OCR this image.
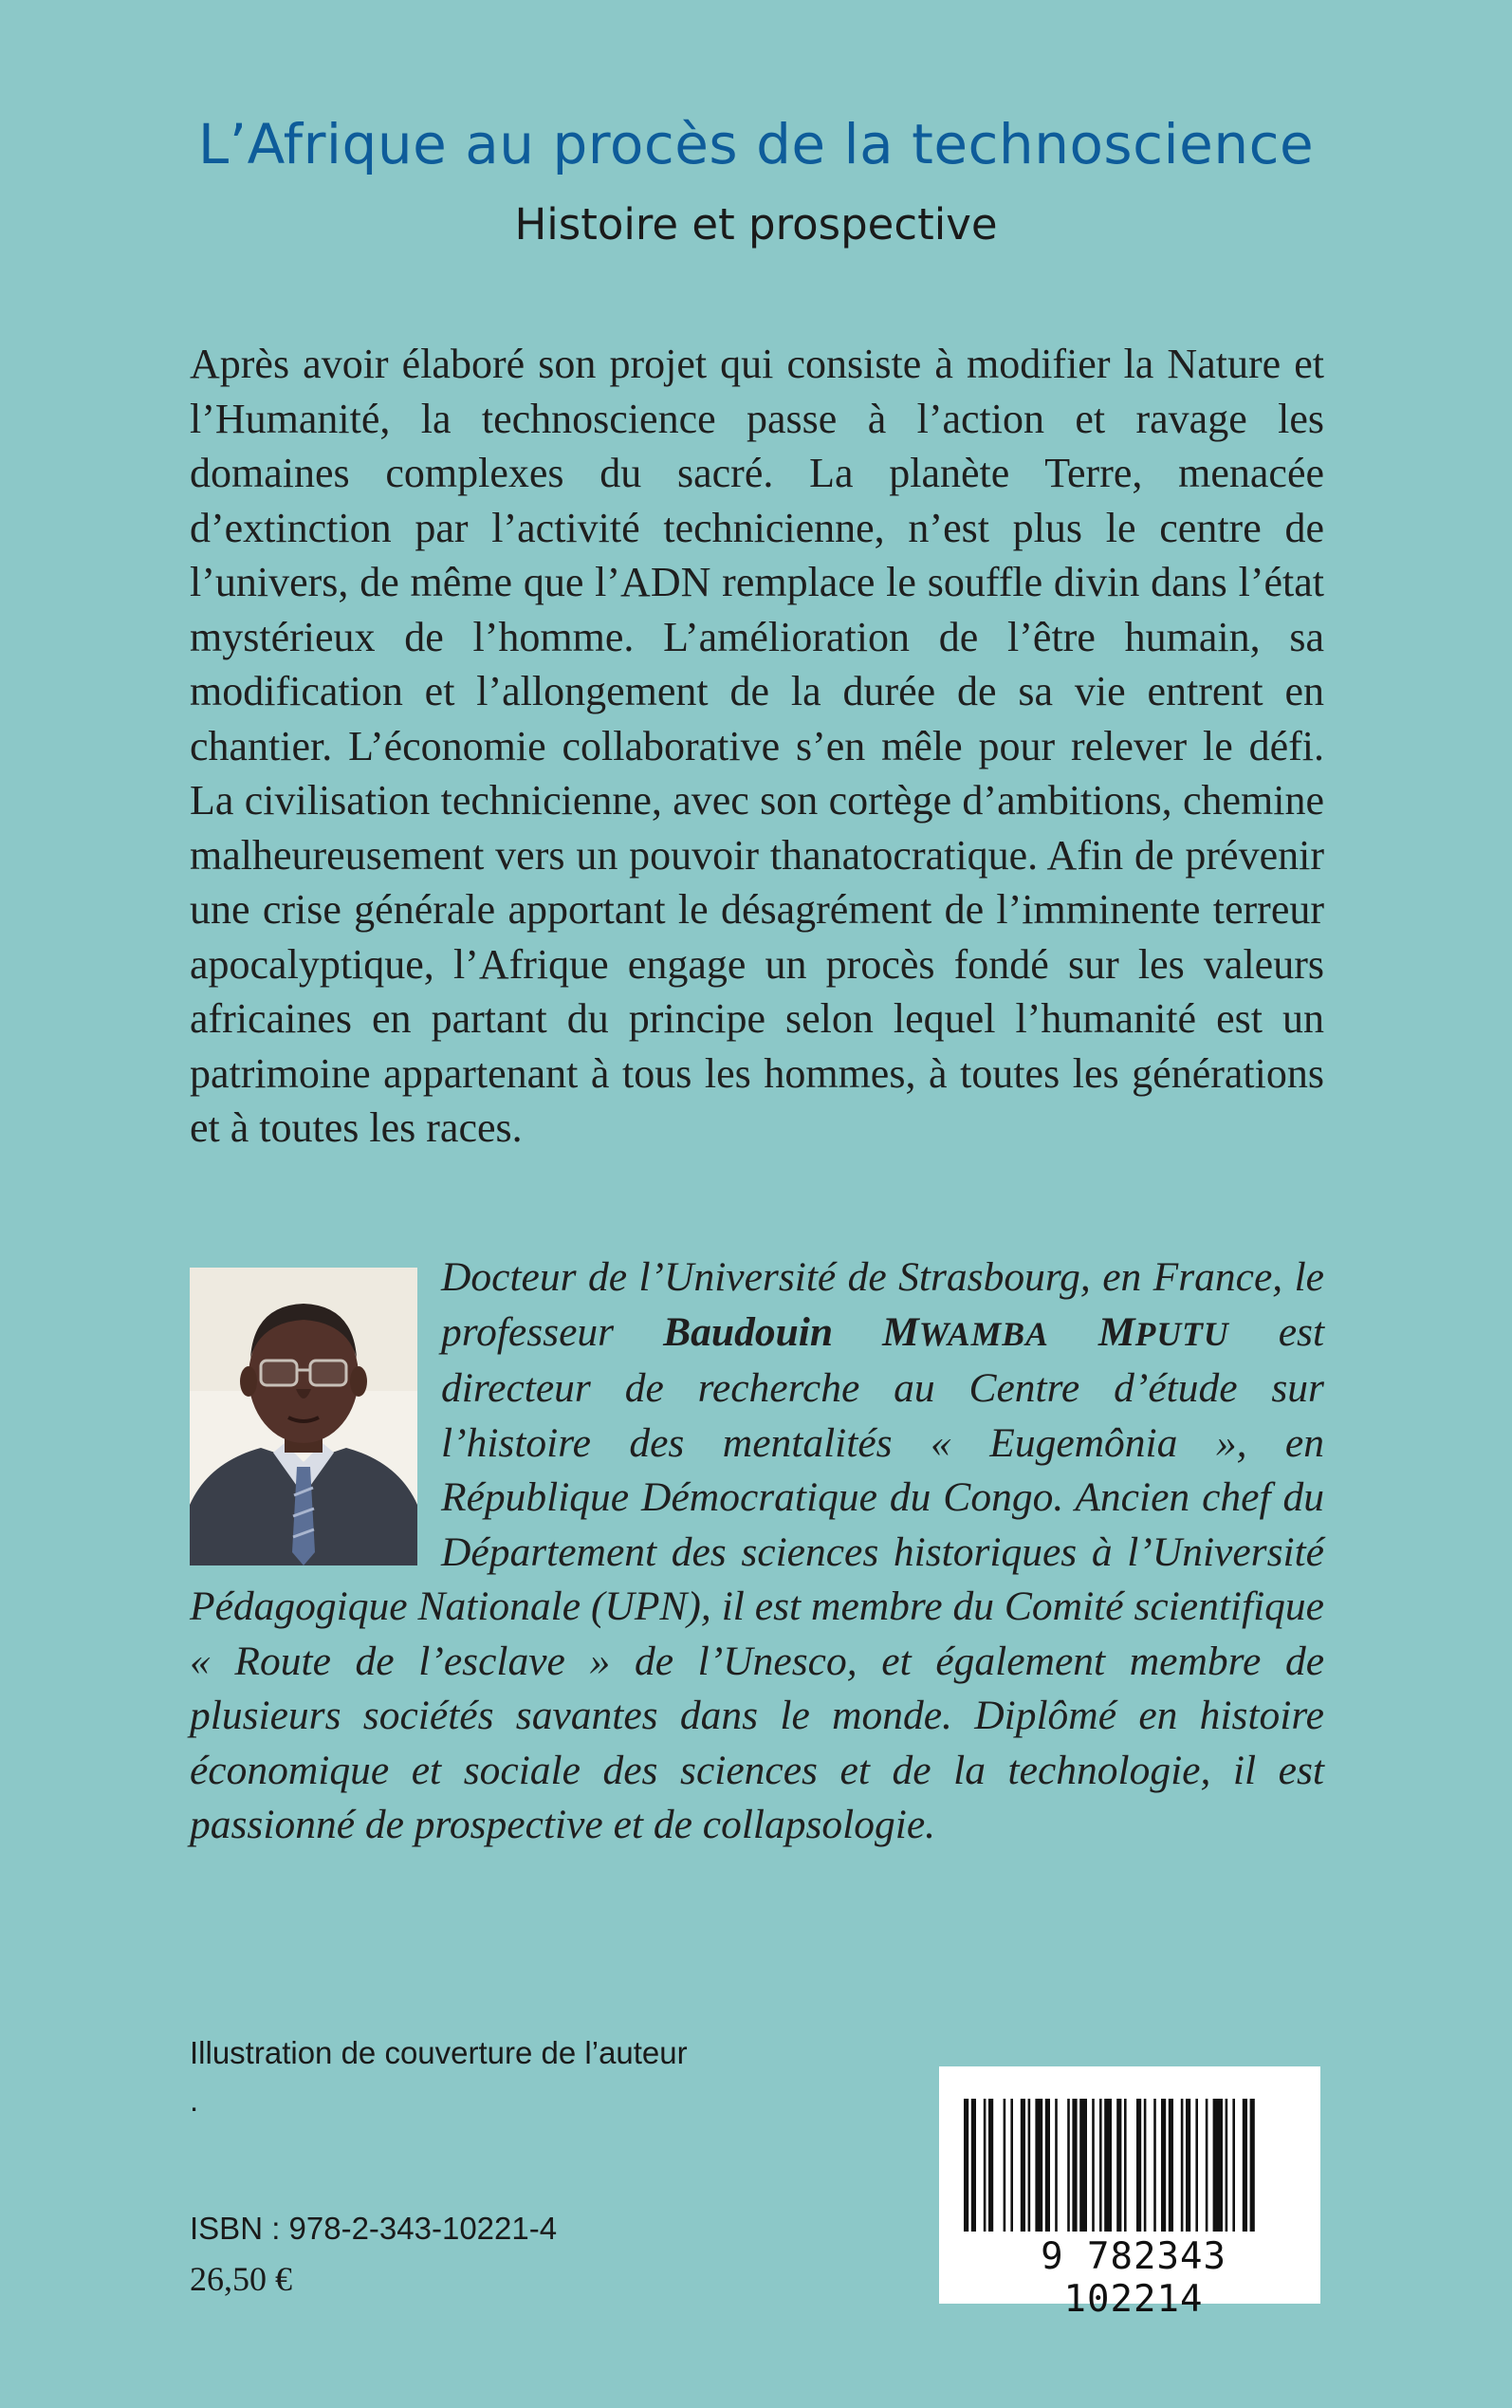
L’Afrique au procès de la technoscience
Histoire et prospective

Après avoir élaboré son projet qui consiste à modifier la Nature et l’Humanité, la technoscience passe à l’action et ravage les domaines complexes du sacré. La planète Terre, menacée d’extinction par l’activité technicienne, n’est plus le centre de l’univers, de même que l’ADN remplace le souffle divin dans l’état mystérieux de l’homme. L’amélioration de l’être humain, sa modification et l’allongement de la durée de sa vie entrent en chantier. L’économie collaborative s’en mêle pour relever le défi. La civilisation technicienne, avec son cortège d’ambitions, chemine malheureusement vers un pouvoir thanatocratique. Afin de prévenir une crise générale apportant le désagrément de l’imminente terreur apocalyptique, l’Afrique engage un procès fondé sur les valeurs africaines en partant du principe selon lequel l’humanité est un patrimoine appartenant à tous les hommes, à toutes les générations et à toutes les races.

Docteur de l’Université de Strasbourg, en France, le professeur Baudouin MWAMBA MPUTU est directeur de recherche au Centre d’étude sur l’histoire des mentalités « Eugemônia », en République Démocratique du Congo. Ancien chef du Département des sciences historiques à l’Université Pédagogique Nationale (UPN), il est membre du Comité scientifique « Route de l’esclave » de l’Unesco, et également membre de plusieurs sociétés savantes dans le monde. Diplômé en histoire économique et sociale des sciences et de la technologie, il est passionné de prospective et de collapsologie.

Illustration de couverture de l’auteur

.

ISBN : 978-2-343-10221-4

26,50 €

9 782343 102214
